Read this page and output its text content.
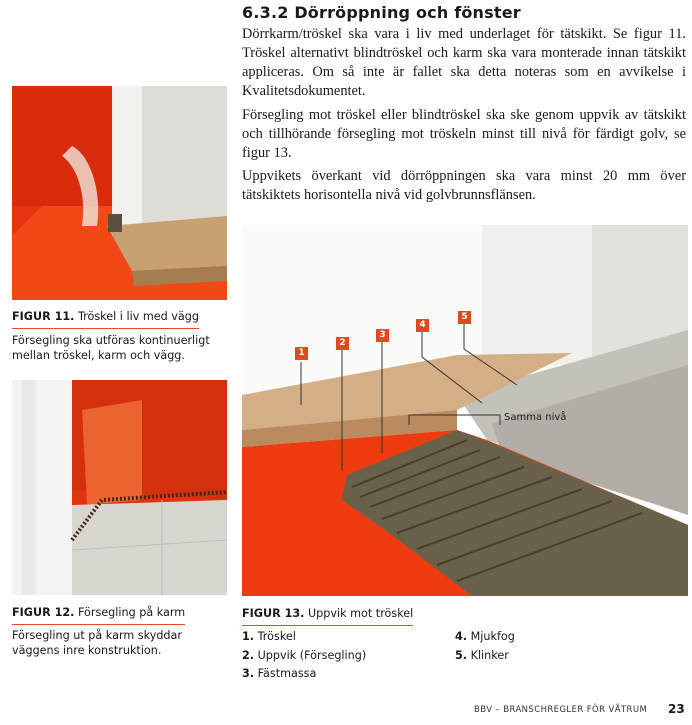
6.3.2 Dörröppning och fönster
Dörrkarm/tröskel ska vara i liv med underlaget för tätskikt. Se figur 11. Tröskel alternativt blindtröskel och karm ska vara monterade innan tätskikt appliceras. Om så inte är fallet ska detta noteras som en avvikelse i Kvalitetsdokumentet.
Försegling mot tröskel eller blindtröskel ska ske genom uppvik av tätskikt och tillhörande försegling mot tröskeln minst till nivå för färdigt golv, se figur 13.
Uppvikets överkant vid dörröppningen ska vara minst 20 mm över tätskiktets horisontella nivå vid golvbrunnsflänsen.
FIGUR 11. Tröskel i liv med vägg
Försegling ska utföras kontinuerligt mellan tröskel, karm och vägg.
FIGUR 12. Försegling på karm
Försegling ut på karm skyddar väggens inre konstruktion.
1
2
3
4
5
Samma nivå
FIGUR 13. Uppvik mot tröskel
1. Tröskel
2. Uppvik (Försegling)
3. Fästmassa
4. Mjukfog
5. Klinker
BBV – BRANSCHREGLER FÖR VÅTRUM 23
